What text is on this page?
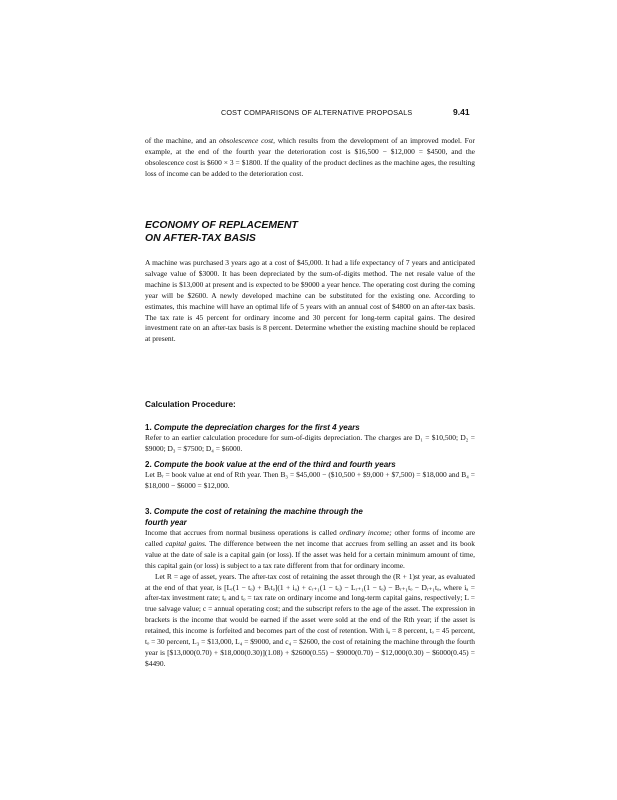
COST COMPARISONS OF ALTERNATIVE PROPOSALS	9.41

of the machine, and an obsolescence cost, which results from the development of an improved model. For example, at the end of the fourth year the deterioration cost is $16,500 − $12,000 = $4500, and the obsolescence cost is $600 × 3 = $1800. If the quality of the product declines as the machine ages, the resulting loss of income can be added to the deterioration cost.

ECONOMY OF REPLACEMENT
ON AFTER-TAX BASIS

A machine was purchased 3 years ago at a cost of $45,000. It had a life expectancy of 7 years and anticipated salvage value of $3000. It has been depreciated by the sum-of-digits method. The net resale value of the machine is $13,000 at present and is expected to be $9000 a year hence. The operating cost during the coming year will be $2600. A newly developed machine can be substituted for the existing one. According to estimates, this machine will have an optimal life of 5 years with an annual cost of $4800 on an after-tax basis. The tax rate is 45 percent for ordinary income and 30 percent for long-term capital gains. The desired investment rate on an after-tax basis is 8 percent. Determine whether the existing machine should be replaced at present.

Calculation Procedure:

1. Compute the depreciation charges for the first 4 years

Refer to an earlier calculation procedure for sum-of-digits depreciation. The charges are D₁ = $10,500; D₂ = $9000; D₃ = $7500; D₄ = $6000.

2. Compute the book value at the end of the third and fourth years

Let Bᵣ = book value at end of Rth year. Then B₃ = $45,000 − ($10,500 + $9,000 + $7,500) = $18,000 and B₄ = $18,000 − $6000 = $12,000.

3. Compute the cost of retaining the machine through the
fourth year

Income that accrues from normal business operations is called ordinary income; other forms of income are called capital gains. The difference between the net income that accrues from selling an asset and its book value at the date of sale is a capital gain (or loss). If the asset was held for a certain minimum amount of time, this capital gain (or loss) is subject to a tax rate different from that for ordinary income.

Let R = age of asset, years. The after-tax cost of retaining the asset through the (R + 1)st year, as evaluated at the end of that year, is [Lᵣ(1 − tₒ) + Bᵣtₒ](1 + iₐ) + cᵣ₊₁(1 − tₒ) − Lᵣ₊₁(1 − tₒ) − Bᵣ₊₁tₒ − Dᵣ₊₁tₒ, where iₐ = after-tax investment rate; tₒ and tₒ = tax rate on ordinary income and long-term capital gains, respectively; L = true salvage value; c = annual operating cost; and the subscript refers to the age of the asset. The expression in brackets is the income that would be earned if the asset were sold at the end of the Rth year; if the asset is retained, this income is forfeited and becomes part of the cost of retention. With iₐ = 8 percent, tₒ = 45 percent, tₒ = 30 percent, L₃ = $13,000, L₄ = $9000, and c₄ = $2600, the cost of retaining the machine through the fourth year is [$13,000(0.70) + $18,000(0.30)](1.08) + $2600(0.55) − $9000(0.70) − $12,000(0.30) − $6000(0.45) = $4490.
